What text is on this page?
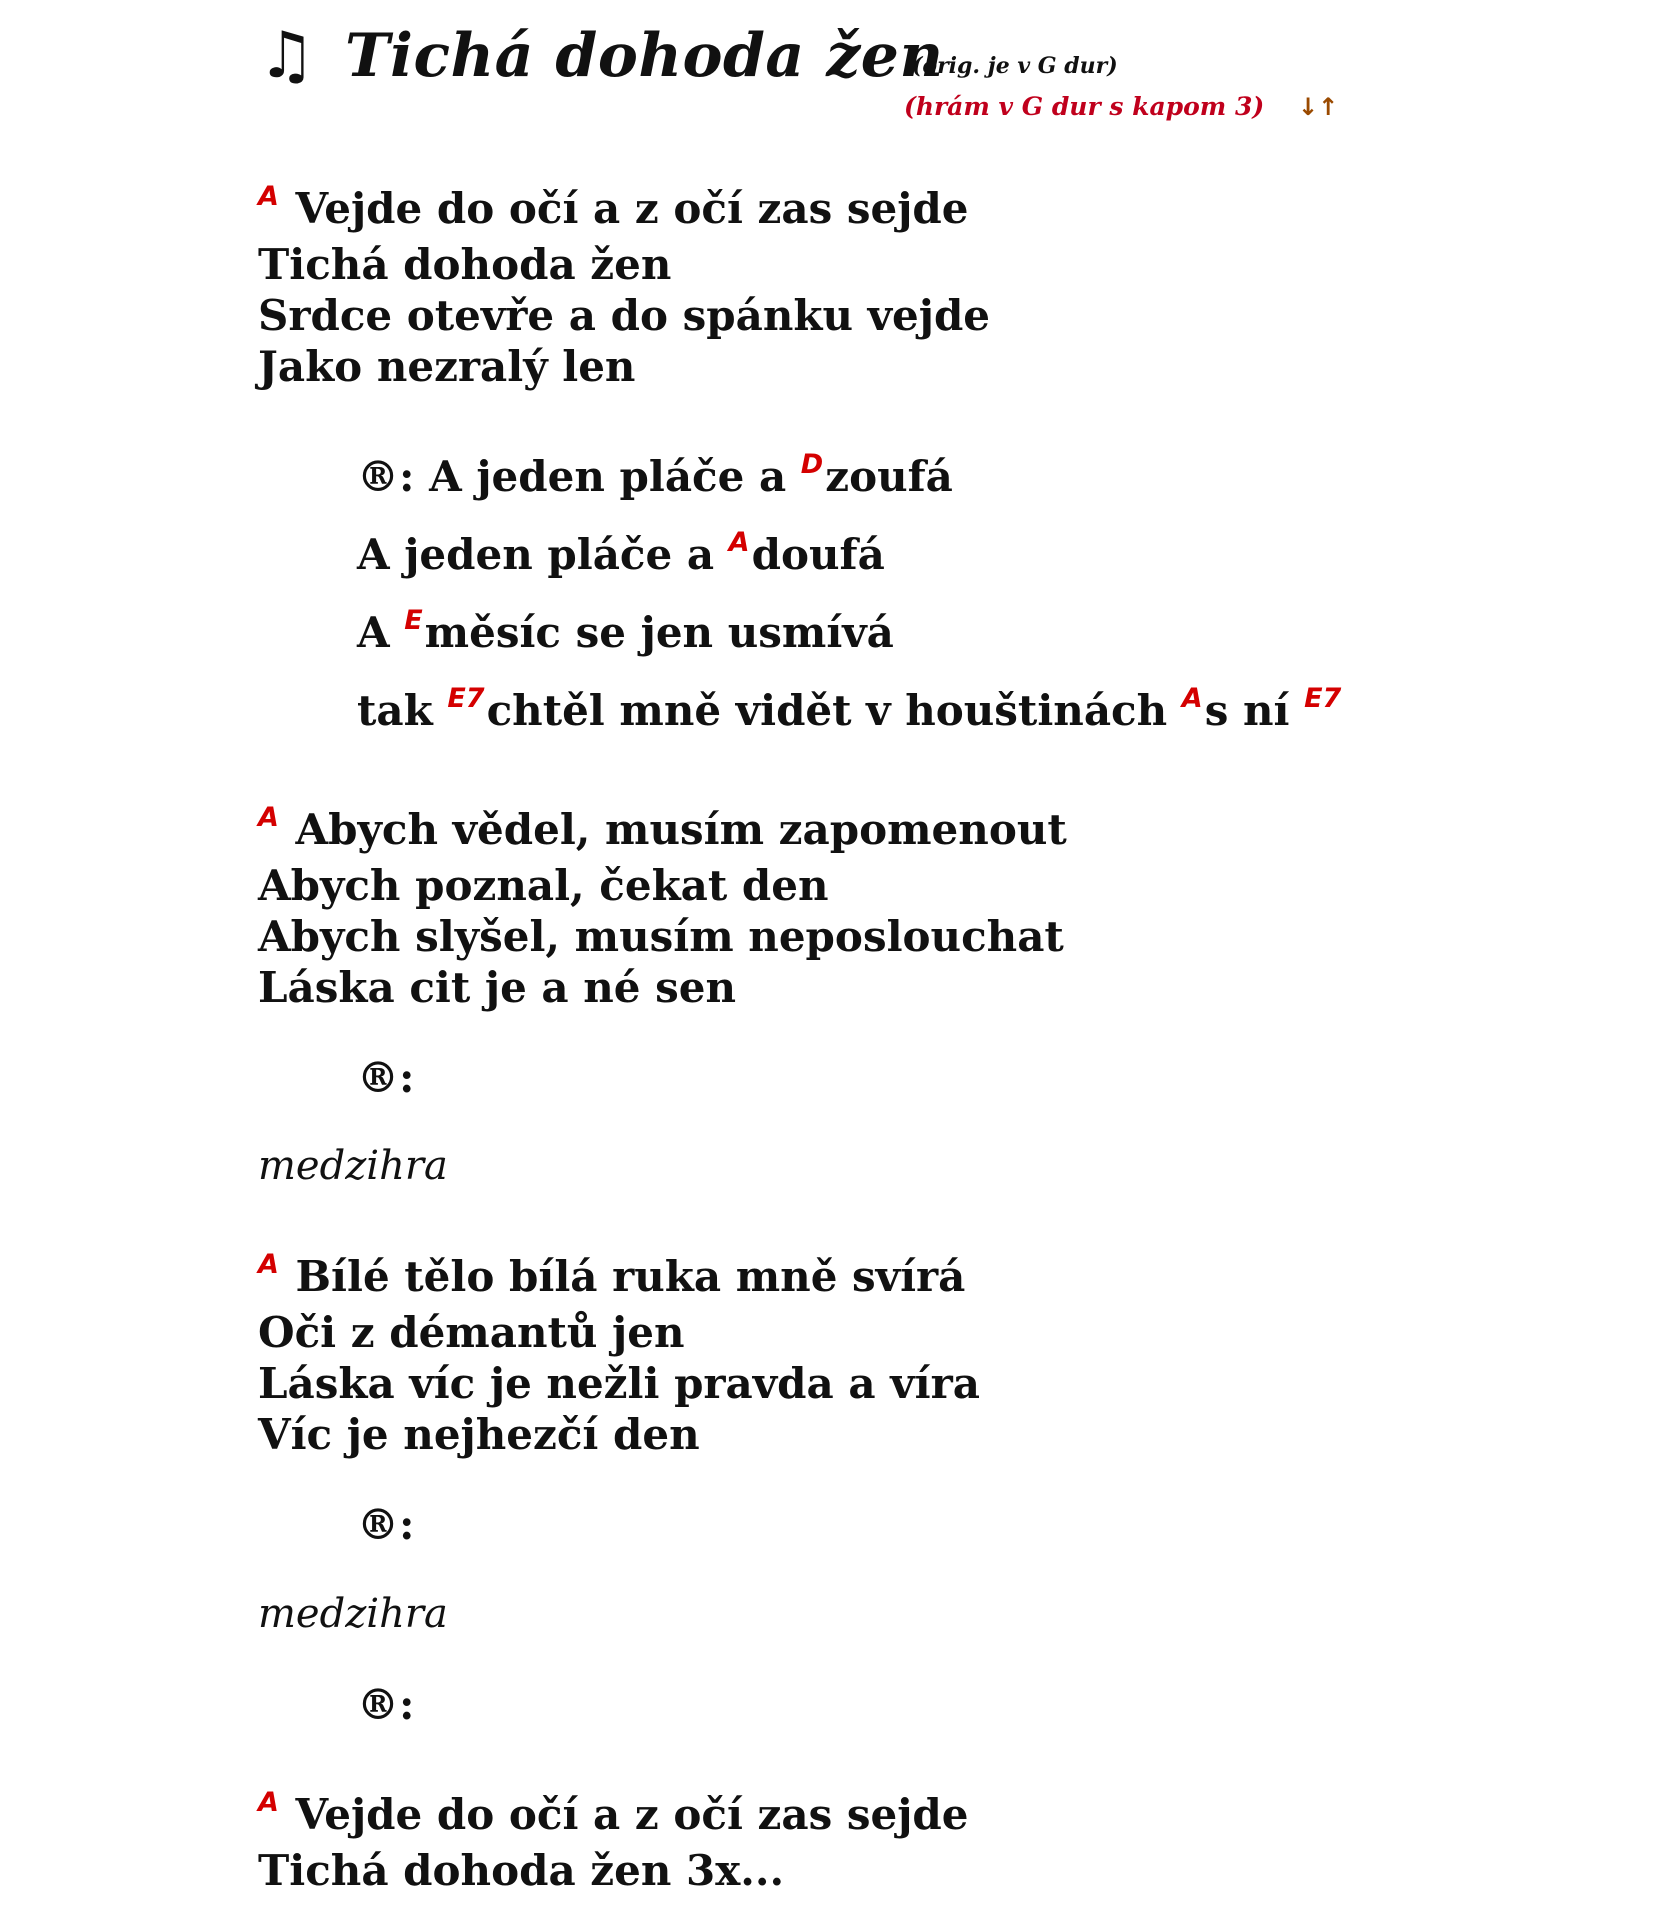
♫ Tichá dohoda žen
(orig. je v G dur)
(hrám v G dur s kapom 3) ↓↑
$^A$ Vejde do očí a z očí zas sejde
Tichá dohoda žen
Srdce otevře a do spánku vejde
Jako nezralý len
®: A jeden pláče a $^D$zoufá
A jeden pláče a $^A$doufá
A $^E$měsíc se jen usmívá
tak $^{E7}$chtěl mně vidět v houštinách $^A$s ní $^{E7}$
$^A$ Abych vědel, musím zapomenout
Abych poznal, čekat den
Abych slyšel, musím neposlouchat
Láska cit je a né sen
®:
medzihra
$^A$ Bílé tělo bílá ruka mně svírá
Oči z démantů jen
Láska víc je nežli pravda a víra
Víc je nejhezčí den
®:
medzihra
®:
$^A$ Vejde do očí a z očí zas sejde
Tichá dohoda žen 3x...
